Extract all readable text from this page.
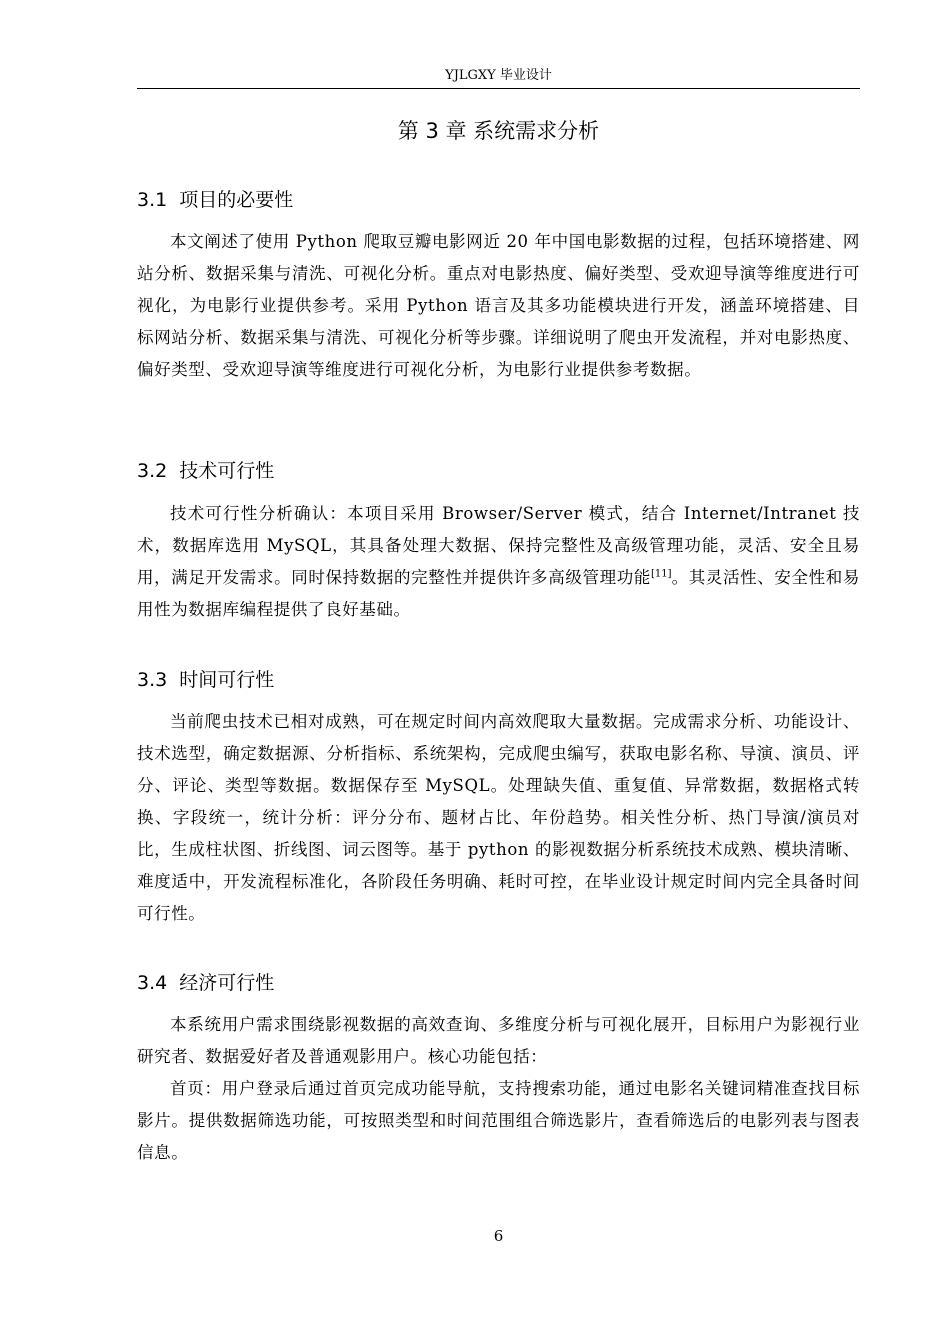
YJLGXY 毕业设计
第 3 章 系统需求分析
3.1 项目的必要性

本文阐述了使用 Python 爬取豆瓣电影网近 20 年中国电影数据的过程，包括环境搭建、网站分析、数据采集与清洗、可视化分析。重点对电影热度、偏好类型、受欢迎导演等维度进行可视化，为电影行业提供参考。采用 Python 语言及其多功能模块进行开发，涵盖环境搭建、目标网站分析、数据采集与清洗、可视化分析等步骤。详细说明了爬虫开发流程，并对电影热度、偏好类型、受欢迎导演等维度进行可视化分析，为电影行业提供参考数据。

3.2 技术可行性

技术可行性分析确认：本项目采用 Browser/Server 模式，结合 Internet/Intranet 技术，数据库选用 MySQL，其具备处理大数据、保持完整性及高级管理功能，灵活、安全且易用，满足开发需求。同时保持数据的完整性并提供许多高级管理功能[11]。其灵活性、安全性和易用性为数据库编程提供了良好基础。

3.3 时间可行性

当前爬虫技术已相对成熟，可在规定时间内高效爬取大量数据。完成需求分析、功能设计、技术选型，确定数据源、分析指标、系统架构，完成爬虫编写，获取电影名称、导演、演员、评分、评论、类型等数据。数据保存至 MySQL。处理缺失值、重复值、异常数据，数据格式转换、字段统一，统计分析：评分分布、题材占比、年份趋势。相关性分析、热门导演/演员对比，生成柱状图、折线图、词云图等。基于 python 的影视数据分析系统技术成熟、模块清晰、难度适中，开发流程标准化，各阶段任务明确、耗时可控，在毕业设计规定时间内完全具备时间可行性。

3.4 经济可行性

本系统用户需求围绕影视数据的高效查询、多维度分析与可视化展开，目标用户为影视行业研究者、数据爱好者及普通观影用户。核心功能包括：

首页：用户登录后通过首页完成功能导航，支持搜索功能，通过电影名关键词精准查找目标影片。提供数据筛选功能，可按照类型和时间范围组合筛选影片，查看筛选后的电影列表与图表信息。

6
